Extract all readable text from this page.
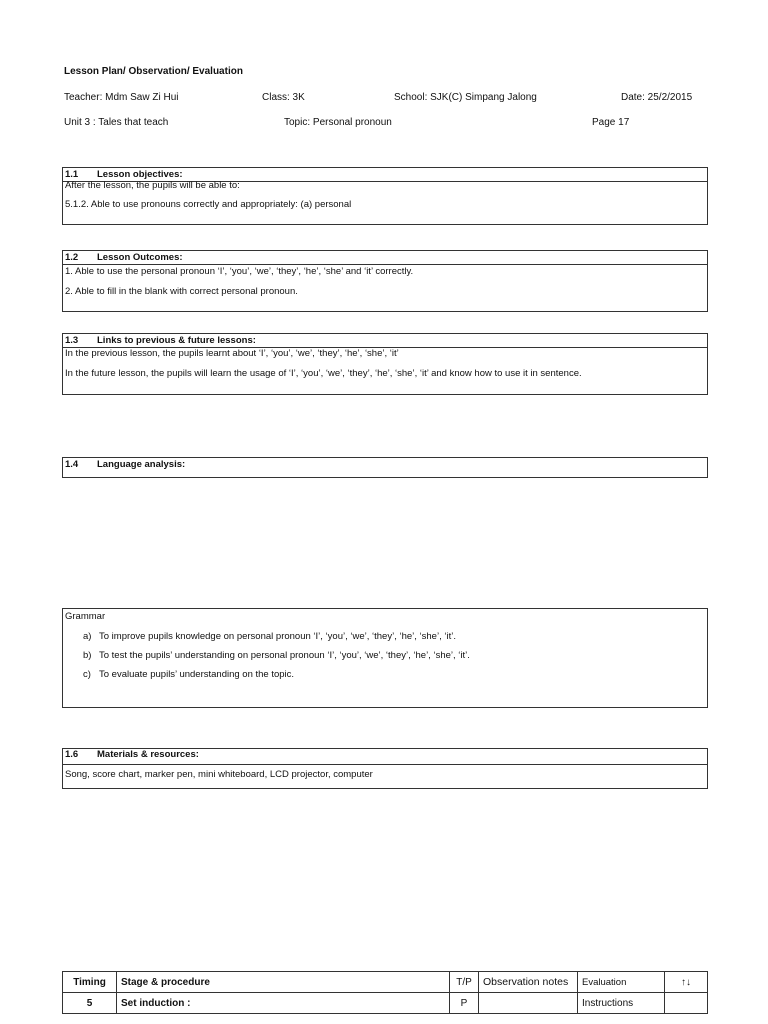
Lesson Plan/ Observation/ Evaluation
Teacher: Mdm Saw Zi Hui	Class: 3K	School: SJK(C) Simpang Jalong	Date: 25/2/2015
Unit 3 : Tales that teach	Topic: Personal pronoun	Page 17
1.1 Lesson objectives:
After the lesson, the pupils will be able to:
5.1.2. Able to use pronouns correctly and appropriately: (a) personal
1.2 Lesson Outcomes:
1. Able to use the personal pronoun ‘I’, ‘you’, ‘we’, ‘they’, ‘he’, ‘she’ and ‘it’ correctly.
2. Able to fill in the blank with correct personal pronoun.
1.3 Links to previous & future lessons:
In the previous lesson, the pupils learnt about ‘I’, ‘you’, ‘we’, ‘they’, ‘he’, ‘she’, ‘it’
In the future lesson, the pupils will learn the usage of ‘I’, ‘you’, ‘we’, ‘they’, ‘he’, ‘she’, ‘it’ and know how to use it in sentence.
1.4 Language analysis:
Grammar
a) To improve pupils knowledge on personal pronoun ‘I’, ‘you’, ‘we’, ‘they’, ‘he’, ‘she’, ‘it’.
b) To test the pupils’ understanding on personal pronoun ‘I’, ‘you’, ‘we’, ‘they’, ‘he’, ‘she’, ‘it’.
c) To evaluate pupils’ understanding on the topic.
1.6 Materials & resources:
Song, score chart, marker pen, mini whiteboard, LCD projector, computer
Timing	Stage & procedure	T/P	Observation notes	Evaluation	↑↓
5	Set induction :	P		Instructions	
